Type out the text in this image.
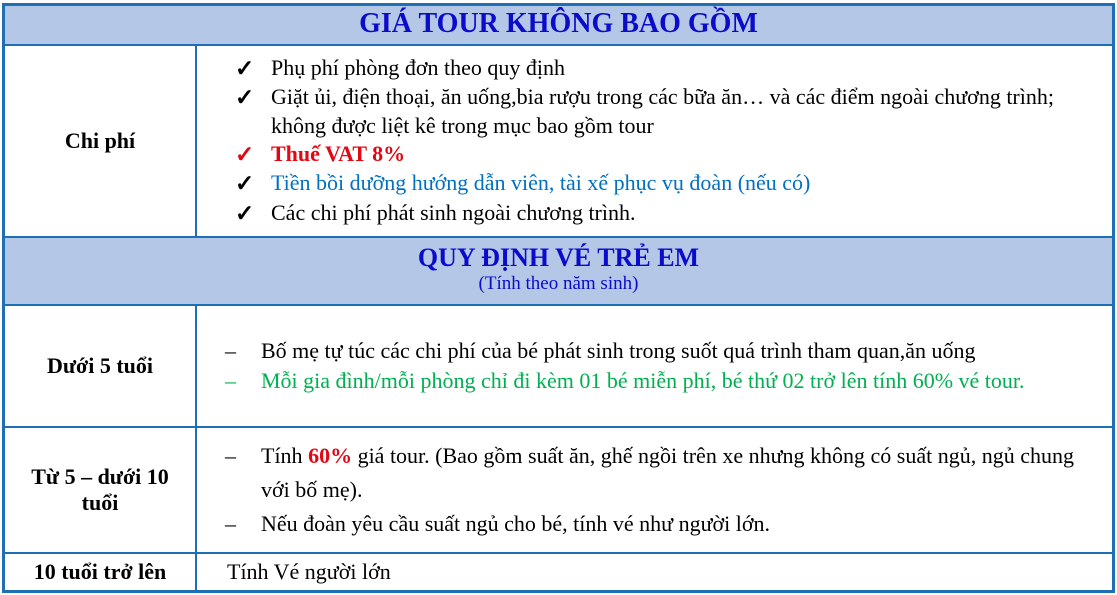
GIÁ TOUR KHÔNG BAO GỒM
Chi phí
✓ Phụ phí phòng đơn theo quy định
✓ Giặt ủi, điện thoại, ăn uống,bia rượu trong các bữa ăn… và các điểm ngoài chương trình; không được liệt kê trong mục bao gồm tour
✓ Thuế VAT 8%
✓ Tiền bồi dưỡng hướng dẫn viên, tài xế phục vụ đoàn (nếu có)
✓ Các chi phí phát sinh ngoài chương trình.
QUY ĐỊNH VÉ TRẺ EM
(Tính theo năm sinh)
Dưới 5 tuổi
–	Bố mẹ tự túc các chi phí của bé phát sinh trong suốt quá trình tham quan,ăn uống
–	Mỗi gia đình/mỗi phòng chỉ đi kèm 01 bé miễn phí, bé thứ 02 trở lên tính 60% vé tour.
Từ 5 – dưới 10 tuổi
–	Tính 60% giá tour. (Bao gồm suất ăn, ghế ngồi trên xe nhưng không có suất ngủ, ngủ chung với bố mẹ).
–	Nếu đoàn yêu cầu suất ngủ cho bé, tính vé như người lớn.
10 tuổi trở lên	Tính Vé người lớn
